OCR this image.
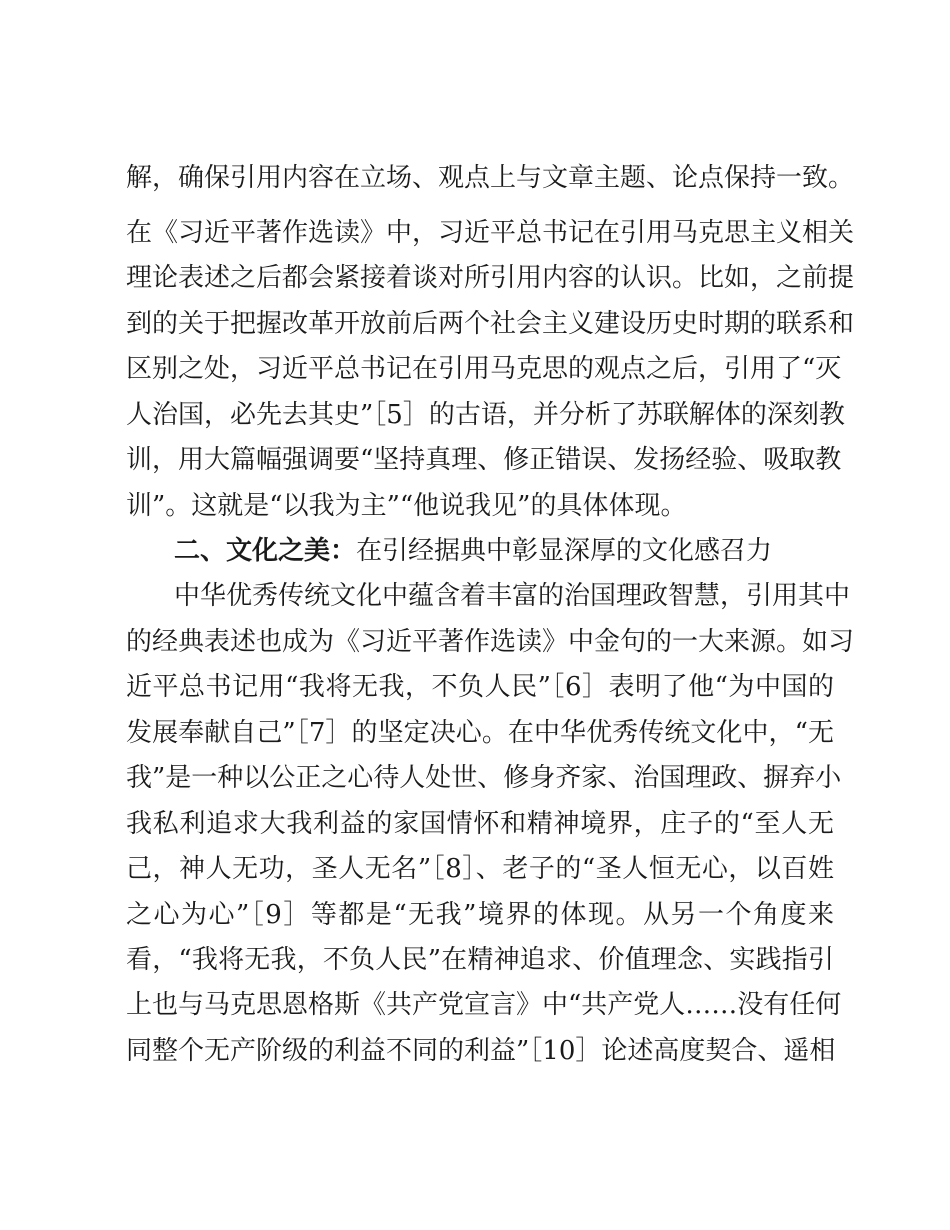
解，确保引用内容在立场、观点上与文章主题、论点保持一致。
在《习近平著作选读》中，习近平总书记在引用马克思主义相关
理论表述之后都会紧接着谈对所引用内容的认识。比如，之前提
到的关于把握改革开放前后两个社会主义建设历史时期的联系和
区别之处，习近平总书记在引用马克思的观点之后，引用了“灭
人治国，必先去其史”［5］的古语，并分析了苏联解体的深刻教
训，用大篇幅强调要“坚持真理、修正错误、发扬经验、吸取教
训”。这就是“以我为主”“他说我见”的具体体现。
二、文化之美：在引经据典中彰显深厚的文化感召力
中华优秀传统文化中蕴含着丰富的治国理政智慧，引用其中
的经典表述也成为《习近平著作选读》中金句的一大来源。如习
近平总书记用“我将无我，不负人民”［6］表明了他“为中国的
发展奉献自己”［7］的坚定决心。在中华优秀传统文化中，“无
我”是一种以公正之心待人处世、修身齐家、治国理政、摒弃小
我私利追求大我利益的家国情怀和精神境界，庄子的“至人无
己，神人无功，圣人无名”［8］、老子的“圣人恒无心，以百姓
之心为心”［9］等都是“无我”境界的体现。从另一个角度来
看，“我将无我，不负人民”在精神追求、价值理念、实践指引
上也与马克思恩格斯《共产党宣言》中“共产党人……没有任何
同整个无产阶级的利益不同的利益”［10］论述高度契合、遥相
